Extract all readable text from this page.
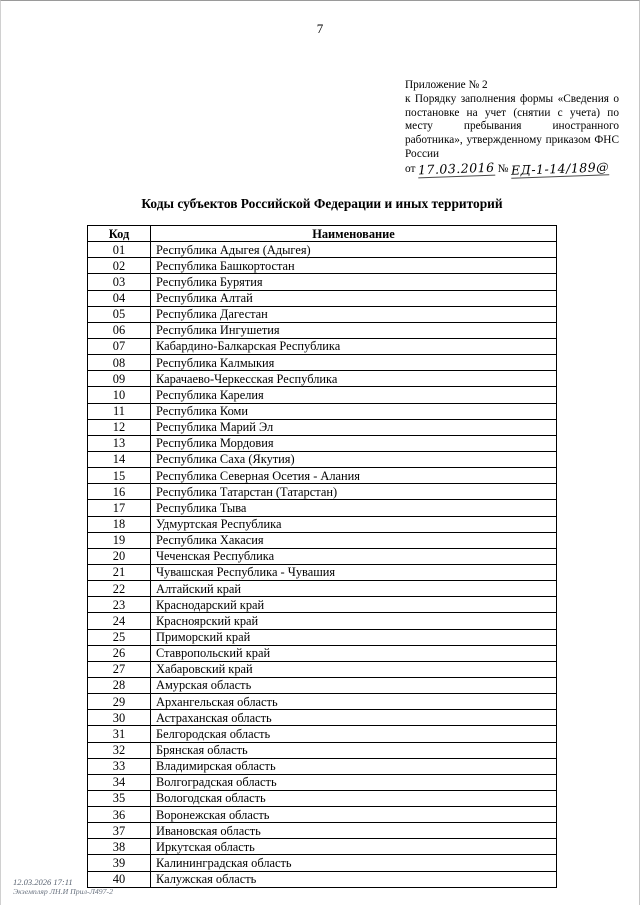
7
Приложение № 2
к Порядку заполнения формы «Сведения о постановке на учет (снятии с учета) по месту пребывания иностранного работника», утвержденному приказом ФНС России
от 17.03.2016 № ЕД-1-14/189@
Коды субъектов Российской Федерации и иных территорий
Код	Наименование
01	Республика Адыгея (Адыгея)
02	Республика Башкортостан
03	Республика Бурятия
04	Республика Алтай
05	Республика Дагестан
06	Республика Ингушетия
07	Кабардино-Балкарская Республика
08	Республика Калмыкия
09	Карачаево-Черкесская Республика
10	Республика Карелия
11	Республика Коми
12	Республика Марий Эл
13	Республика Мордовия
14	Республика Саха (Якутия)
15	Республика Северная Осетия - Алания
16	Республика Татарстан (Татарстан)
17	Республика Тыва
18	Удмуртская Республика
19	Республика Хакасия
20	Чеченская Республика
21	Чувашская Республика - Чувашия
22	Алтайский край
23	Краснодарский край
24	Красноярский край
25	Приморский край
26	Ставропольский край
27	Хабаровский край
28	Амурская область
29	Архангельская область
30	Астраханская область
31	Белгородская область
32	Брянская область
33	Владимирская область
34	Волгоградская область
35	Вологодская область
36	Воронежская область
37	Ивановская область
38	Иркутская область
39	Калининградская область
40	Калужская область
12.03.2026 17:11
Экземпляр ЛН.И Прил-Л497-2
